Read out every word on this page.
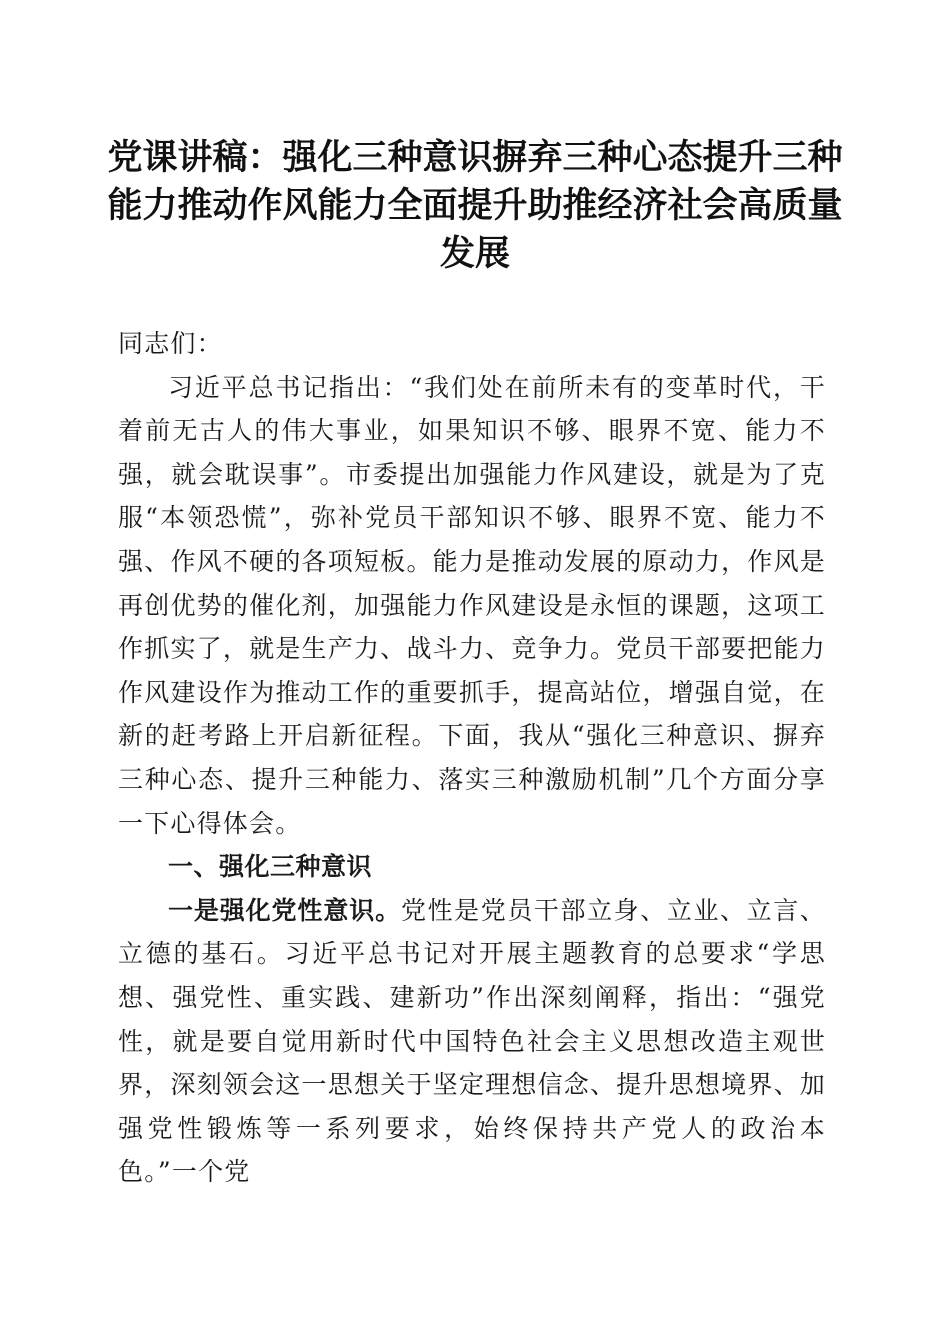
党课讲稿：强化三种意识摒弃三种心态提升三种能力推动作风能力全面提升助推经济社会高质量发展

同志们：

习近平总书记指出：“我们处在前所未有的变革时代，干着前无古人的伟大事业，如果知识不够、眼界不宽、能力不强，就会耽误事”。市委提出加强能力作风建设，就是为了克服“本领恐慌”，弥补党员干部知识不够、眼界不宽、能力不强、作风不硬的各项短板。能力是推动发展的原动力，作风是再创优势的催化剂，加强能力作风建设是永恒的课题，这项工作抓实了，就是生产力、战斗力、竞争力。党员干部要把能力作风建设作为推动工作的重要抓手，提高站位，增强自觉，在新的赶考路上开启新征程。下面，我从“强化三种意识、摒弃三种心态、提升三种能力、落实三种激励机制”几个方面分享一下心得体会。

一、强化三种意识

一是强化党性意识。党性是党员干部立身、立业、立言、立德的基石。习近平总书记对开展主题教育的总要求“学思想、强党性、重实践、建新功”作出深刻阐释，指出：“强党性，就是要自觉用新时代中国特色社会主义思想改造主观世界，深刻领会这一思想关于坚定理想信念、提升思想境界、加强党性锻炼等一系列要求，始终保持共产党人的政治本色。”一个党
